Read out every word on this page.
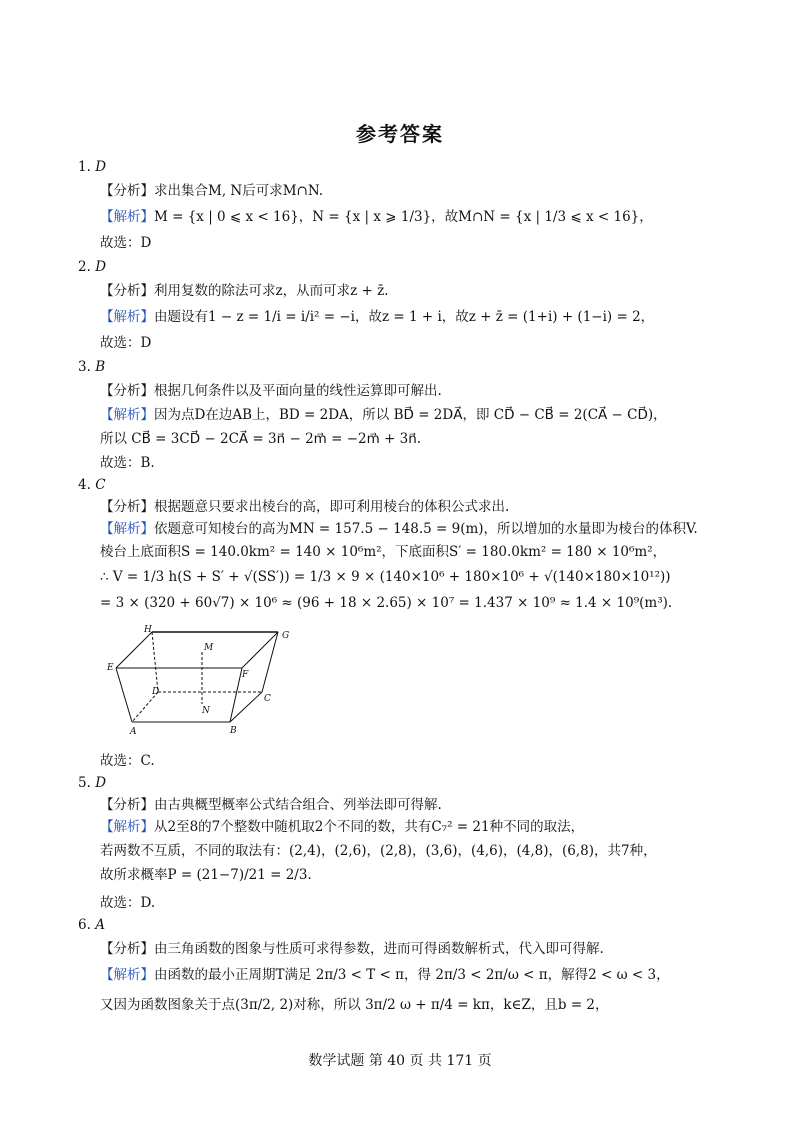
参考答案
1. D
【分析】求出集合M, N后可求M∩N.
【解析】M = {x | 0 ⩽ x < 16}，N = {x | x ⩾ 1/3}，故M∩N = {x | 1/3 ⩽ x < 16}，
故选：D
2. D
【分析】利用复数的除法可求z，从而可求z + z̄.
【解析】由题设有1 − z = 1/i = i/i² = −i，故z = 1 + i，故z + z̄ = (1+i) + (1−i) = 2，
故选：D
3. B
【分析】根据几何条件以及平面向量的线性运算即可解出.
【解析】因为点D在边AB上，BD = 2DA，所以 BD⃗ = 2DA⃗，即 CD⃗ − CB⃗ = 2(CA⃗ − CD⃗)，
所以 CB⃗ = 3CD⃗ − 2CA⃗ = 3n⃗ − 2m⃗ = −2m⃗ + 3n⃗.
故选：B.
4. C
【分析】根据题意只要求出棱台的高，即可利用棱台的体积公式求出.
【解析】依题意可知棱台的高为MN = 157.5 − 148.5 = 9(m)，所以增加的水量即为棱台的体积V.
棱台上底面积S = 140.0km² = 140 × 10⁶m²，下底面积S′ = 180.0km² = 180 × 10⁶m²，
∴ V = 1/3 h(S + S′ + √(SS′)) = 1/3 × 9 × (140×10⁶ + 180×10⁶ + √(140×180×10¹²))
= 3 × (320 + 60√7) × 10⁶ ≈ (96 + 18 × 2.65) × 10⁷ = 1.437 × 10⁹ ≈ 1.4 × 10⁹(m³).
H
G
M
E
F
D
C
N
A	B
故选：C.
5. D
【分析】由古典概型概率公式结合组合、列举法即可得解.
【解析】从2至8的7个整数中随机取2个不同的数，共有C₇² = 21种不同的取法，
若两数不互质，不同的取法有：(2,4)，(2,6)，(2,8)，(3,6)，(4,6)，(4,8)，(6,8)，共7种，
故所求概率P = (21−7)/21 = 2/3.
故选：D.
6. A
【分析】由三角函数的图象与性质可求得参数，进而可得函数解析式，代入即可得解.
【解析】由函数的最小正周期T满足 2π/3 < T < π，得 2π/3 < 2π/ω < π，解得2 < ω < 3，
又因为函数图象关于点(3π/2, 2)对称，所以 3π/2 ω + π/4 = kπ，k∈Z，且b = 2，
数学试题 第 40 页 共 171 页
